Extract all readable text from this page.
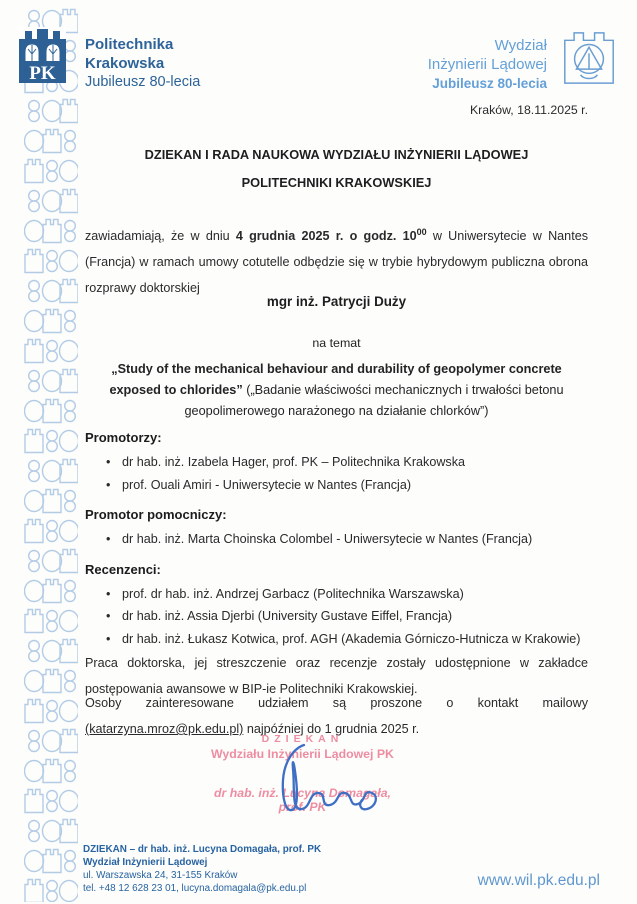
PK
Politechnika
Krakowska
Jubileusz 80-lecia
Wydział
Inżynierii Lądowej
Jubileusz 80-lecia
Kraków, 18.11.2025 r.
DZIEKAN I RADA NAUKOWA WYDZIAŁU INŻYNIERII LĄDOWEJ
POLITECHNIKI KRAKOWSKIEJ
zawiadamiają, że w dniu 4 grudnia 2025 r. o godz. $10^{00}$ w Uniwersytecie w Nantes (Francja) w ramach umowy cotutelle odbędzie się w trybie hybrydowym publiczna obrona rozprawy doktorskiej
mgr inż. Patrycji Duży
na temat
„Study of the mechanical behaviour and durability of geopolymer concrete exposed to chlorides” („Badanie właściwości mechanicznych i trwałości betonu geopolimerowego narażonego na działanie chlorków”)
Promotorzy:
• dr hab. inż. Izabela Hager, prof. PK – Politechnika Krakowska
• prof. Ouali Amiri - Uniwersytecie w Nantes (Francja)
Promotor pomocniczy:
• dr hab. inż. Marta Choinska Colombel - Uniwersytecie w Nantes (Francja)
Recenzenci:
• prof. dr hab. inż. Andrzej Garbacz (Politechnika Warszawska)
• dr hab. inż. Assia Djerbi (University Gustave Eiffel, Francja)
• dr hab. inż. Łukasz Kotwica, prof. AGH (Akademia Górniczo-Hutnicza w Krakowie)
Praca doktorska, jej streszczenie oraz recenzje zostały udostępnione w zakładce postępowania awansowe w BIP-ie Politechniki Krakowskiej.
Osoby zainteresowane udziałem są proszone o kontakt mailowy (katarzyna.mroz@pk.edu.pl) najpóźniej do 1 grudnia 2025 r.
DZIEKAN
Wydziału Inżynierii Lądowej PK
dr hab. inż. Lucyna Domagała, prof. PK
DZIEKAN – dr hab. inż. Lucyna Domagała, prof. PK
Wydział Inżynierii Lądowej
ul. Warszawska 24, 31-155 Kraków
tel. +48 12 628 23 01, lucyna.domagala@pk.edu.pl	www.wil.pk.edu.pl
